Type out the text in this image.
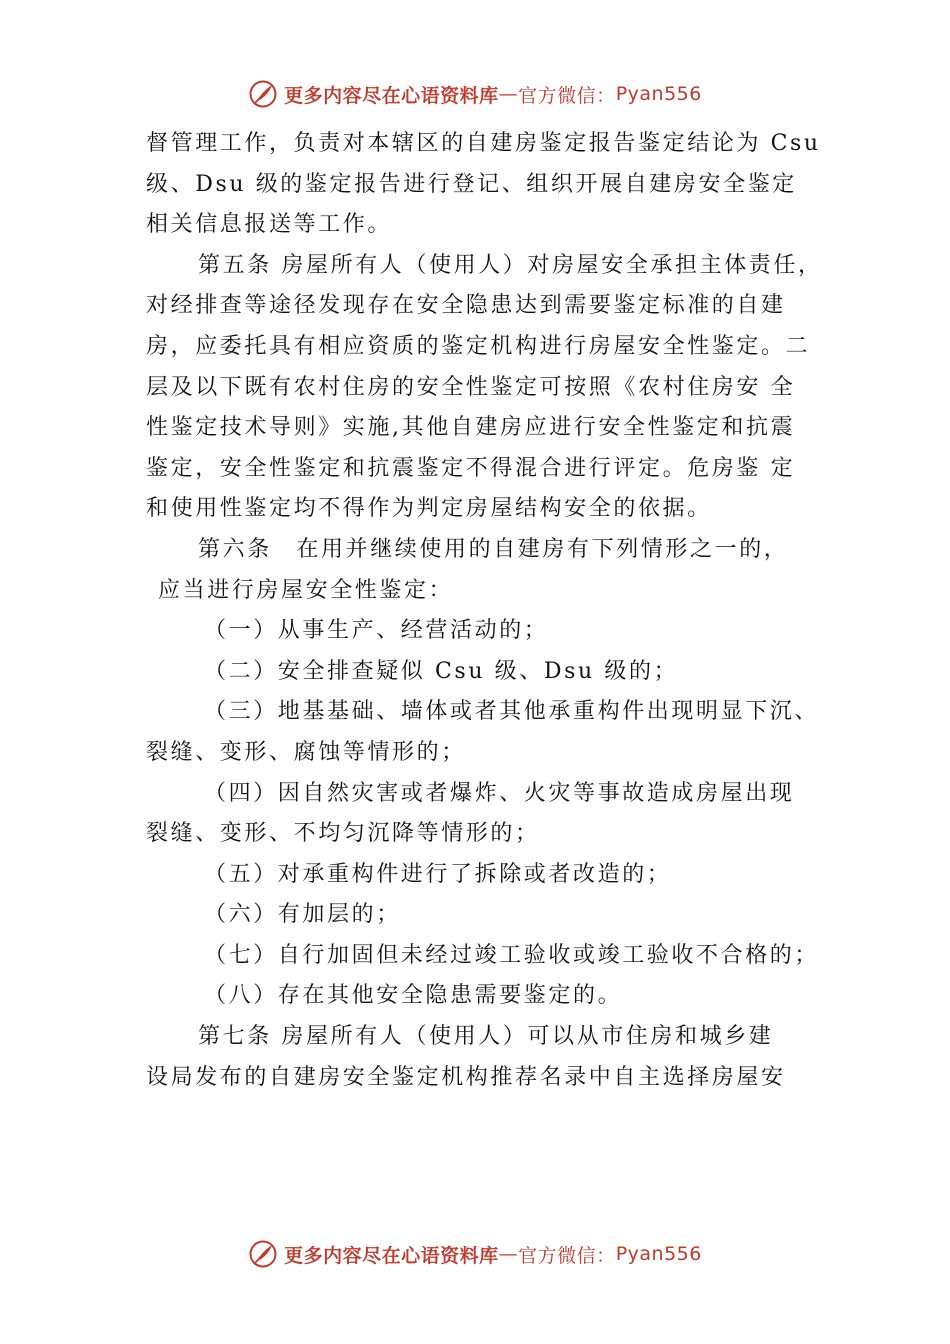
更多内容尽在心语资料库 — 官方微信： Pyan556
督管理工作，负责对本辖区的自建房鉴定报告鉴定结论为 Csu
级、Dsu 级的鉴定报告进行登记、组织开展自建房安全鉴定
相关信息报送等工作。
第五条 房屋所有人（使用人）对房屋安全承担主体责任，
对经排查等途径发现存在安全隐患达到需要鉴定标准的自建
房，应委托具有相应资质的鉴定机构进行房屋安全性鉴定。二
层及以下既有农村住房的安全性鉴定可按照《农村住房安 全
性鉴定技术导则》实施,其他自建房应进行安全性鉴定和抗震
鉴定，安全性鉴定和抗震鉴定不得混合进行评定。危房鉴 定
和使用性鉴定均不得作为判定房屋结构安全的依据。
第六条　在用并继续使用的自建房有下列情形之一的，
应当进行房屋安全性鉴定：
（一）从事生产、经营活动的；
（二）安全排查疑似 Csu 级、Dsu 级的；
（三）地基基础、墙体或者其他承重构件出现明显下沉、
裂缝、变形、腐蚀等情形的；
（四）因自然灾害或者爆炸、火灾等事故造成房屋出现
裂缝、变形、不均匀沉降等情形的；
（五）对承重构件进行了拆除或者改造的；
（六）有加层的；
（七）自行加固但未经过竣工验收或竣工验收不合格的；
（八）存在其他安全隐患需要鉴定的。
第七条 房屋所有人（使用人）可以从市住房和城乡建
设局发布的自建房安全鉴定机构推荐名录中自主选择房屋安
更多内容尽在心语资料库 — 官方微信： Pyan556
